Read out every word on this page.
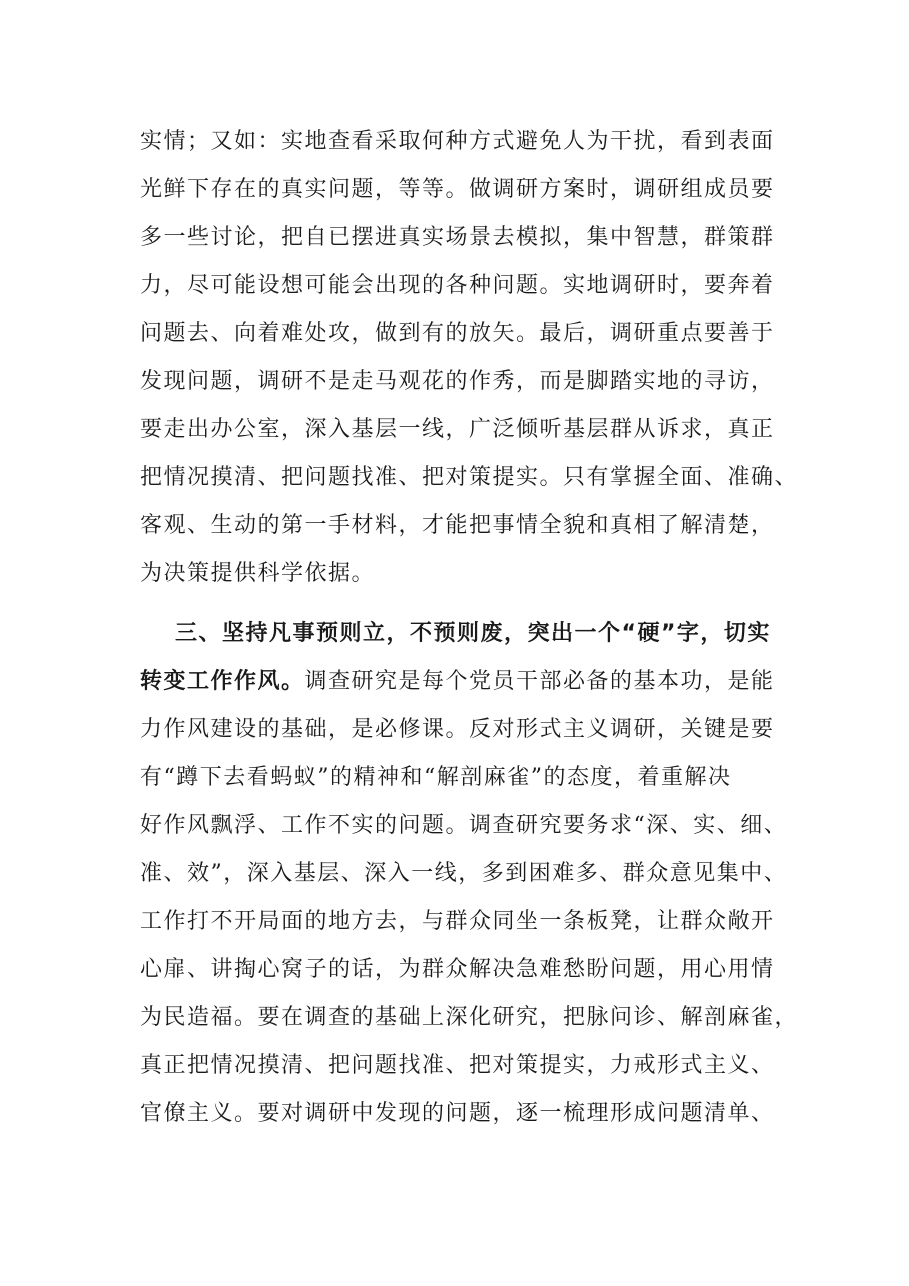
实情；又如：实地查看采取何种方式避免人为干扰，看到表面
光鲜下存在的真实问题，等等。做调研方案时，调研组成员要
多一些讨论，把自已摆进真实场景去模拟，集中智慧，群策群
力，尽可能设想可能会出现的各种问题。实地调研时，要奔着
问题去、向着难处攻，做到有的放矢。最后，调研重点要善于
发现问题，调研不是走马观花的作秀，而是脚踏实地的寻访，
要走出办公室，深入基层一线，广泛倾听基层群从诉求，真正
把情况摸清、把问题找准、把对策提实。只有掌握全面、准确、
客观、生动的第一手材料，才能把事情全貌和真相了解清楚，
为决策提供科学依据。
三、坚持凡事预则立，不预则废，突出一个“硬”字，切实
转变工作作风。调查研究是每个党员干部必备的基本功，是能
力作风建设的基础，是必修课。反对形式主义调研，关键是要
有“蹲下去看蚂蚁”的精神和“解剖麻雀”的态度，着重解决
好作风飘浮、工作不实的问题。调查研究要务求“深、实、细、
准、效”，深入基层、深入一线，多到困难多、群众意见集中、
工作打不开局面的地方去，与群众同坐一条板凳，让群众敞开
心扉、讲掏心窝子的话，为群众解决急难愁盼问题，用心用情
为民造福。要在调查的基础上深化研究，把脉问诊、解剖麻雀，
真正把情况摸清、把问题找准、把对策提实，力戒形式主义、
官僚主义。要对调研中发现的问题，逐一梳理形成问题清单、
